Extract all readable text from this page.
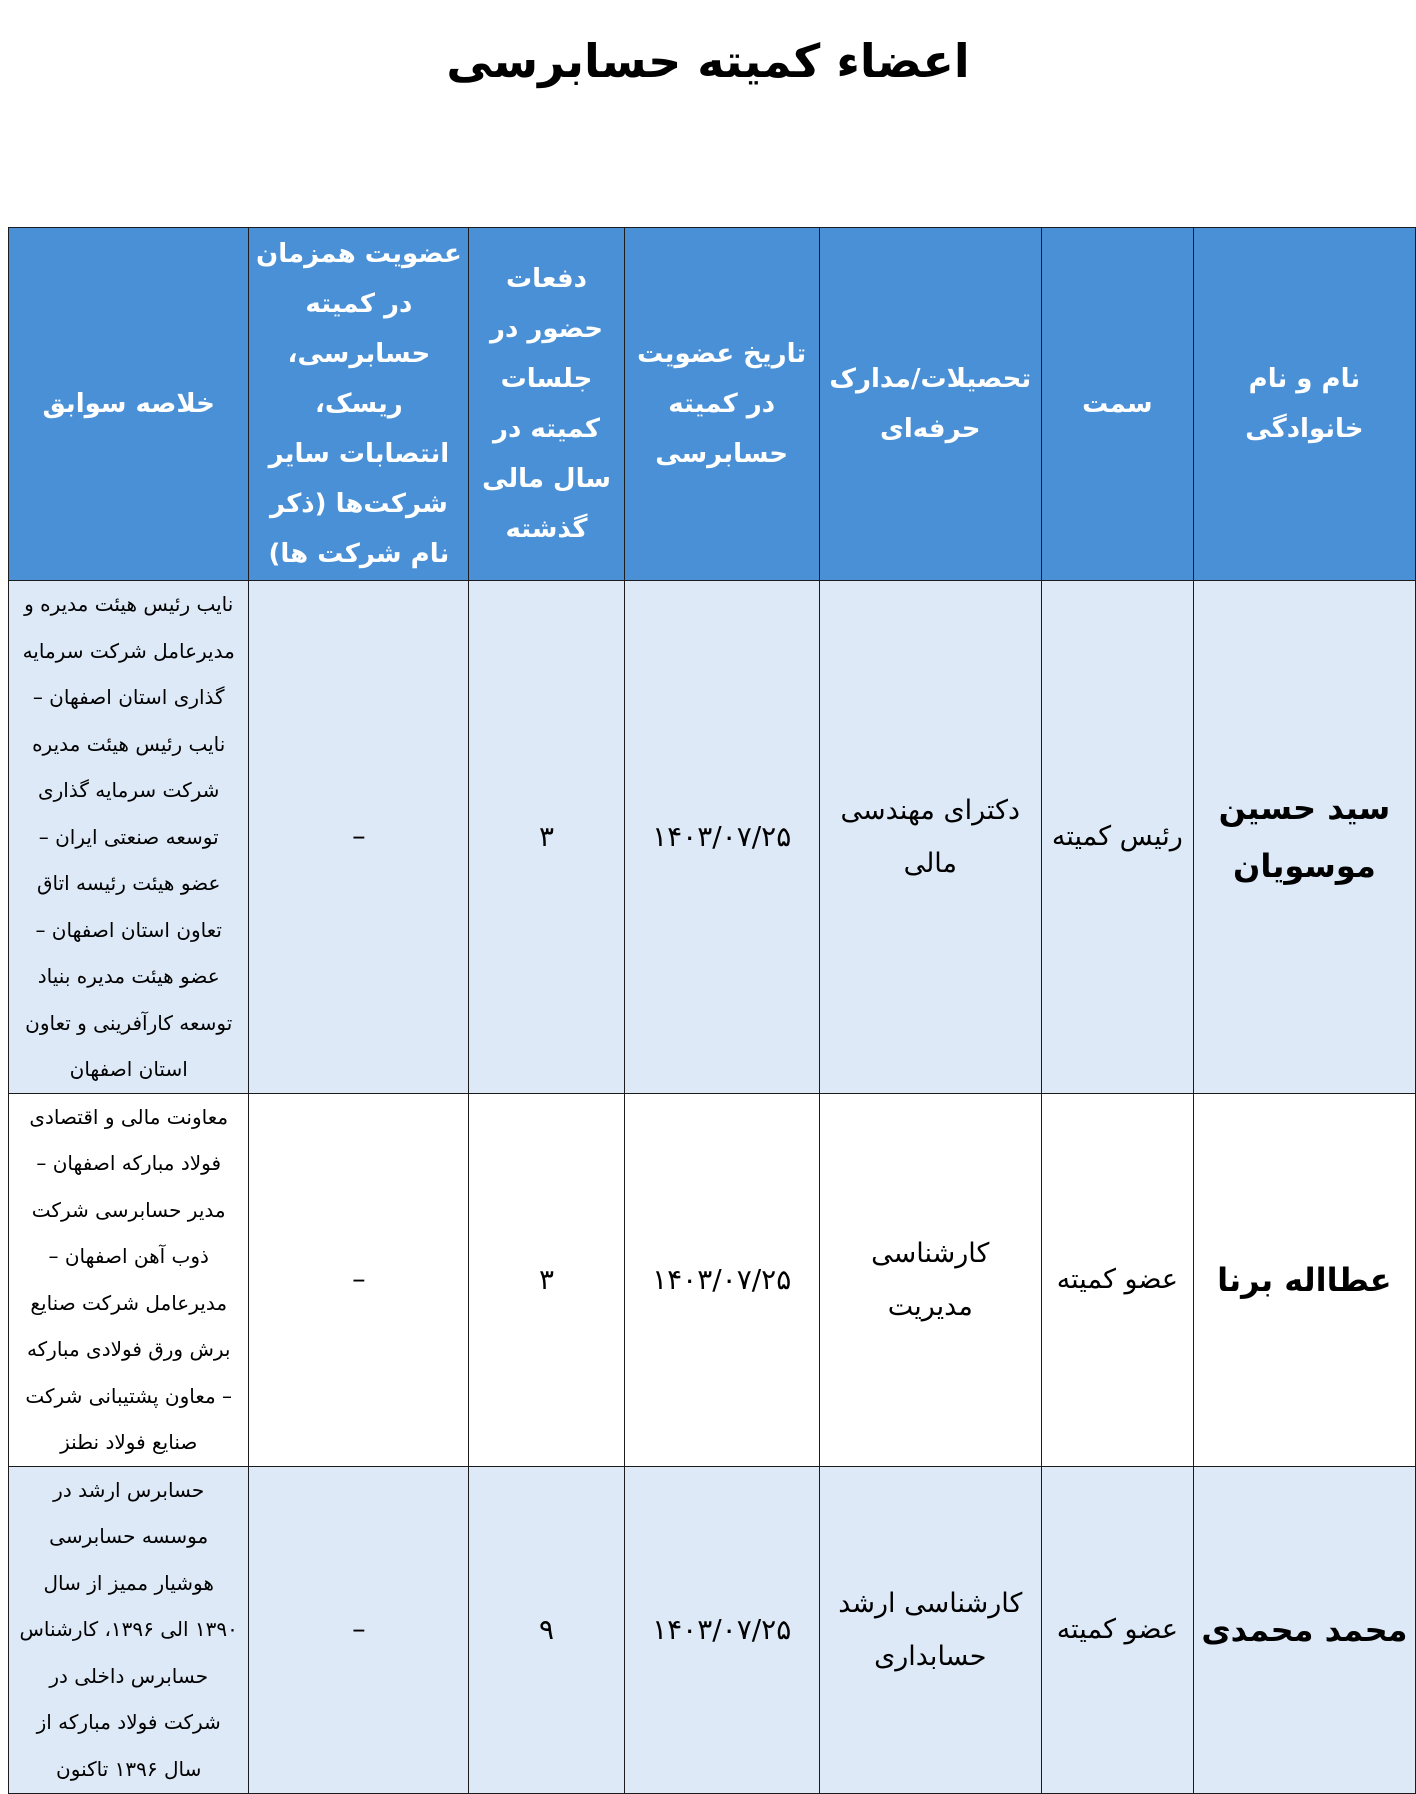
اعضاء کمیته حسابرسی
نام و نام خانوادگی	سمت	تحصیلات/مدارک حرفه‌ای	تاریخ عضویت در کمیته حسابرسی	دفعات حضور در جلسات کمیته در سال مالی گذشته	عضویت همزمان در کمیته حسابرسی، ریسک، انتصابات سایر شرکت‌ها (ذکر نام شرکت ها)	خلاصه سوابق
سید حسین موسویان	رئیس کمیته	دکترای مهندسی مالی	۱۴۰۳/۰۷/۲۵	۳	–	نایب رئیس هیئت مدیره و مدیرعامل شرکت سرمایه گذاری استان اصفهان – نایب رئیس هیئت مدیره شرکت سرمایه گذاری توسعه صنعتی ایران – عضو هیئت رئیسه اتاق تعاون استان اصفهان – عضو هیئت مدیره بنیاد توسعه کارآفرینی و تعاون استان اصفهان
عطااله برنا	عضو کمیته	کارشناسی مدیریت	۱۴۰۳/۰۷/۲۵	۳	–	معاونت مالی و اقتصادی فولاد مبارکه اصفهان – مدیر حسابرسی شرکت ذوب آهن اصفهان – مدیرعامل شرکت صنایع برش ورق فولادی مبارکه – معاون پشتیبانی شرکت صنایع فولاد نطنز
محمد محمدی	عضو کمیته	کارشناسی ارشد حسابداری	۱۴۰۳/۰۷/۲۵	۹	–	حسابرس ارشد در موسسه حسابرسی هوشیار ممیز از سال ۱۳۹۰ الی ۱۳۹۶، کارشناس حسابرس داخلی در شرکت فولاد مبارکه از سال ۱۳۹۶ تاکنون
